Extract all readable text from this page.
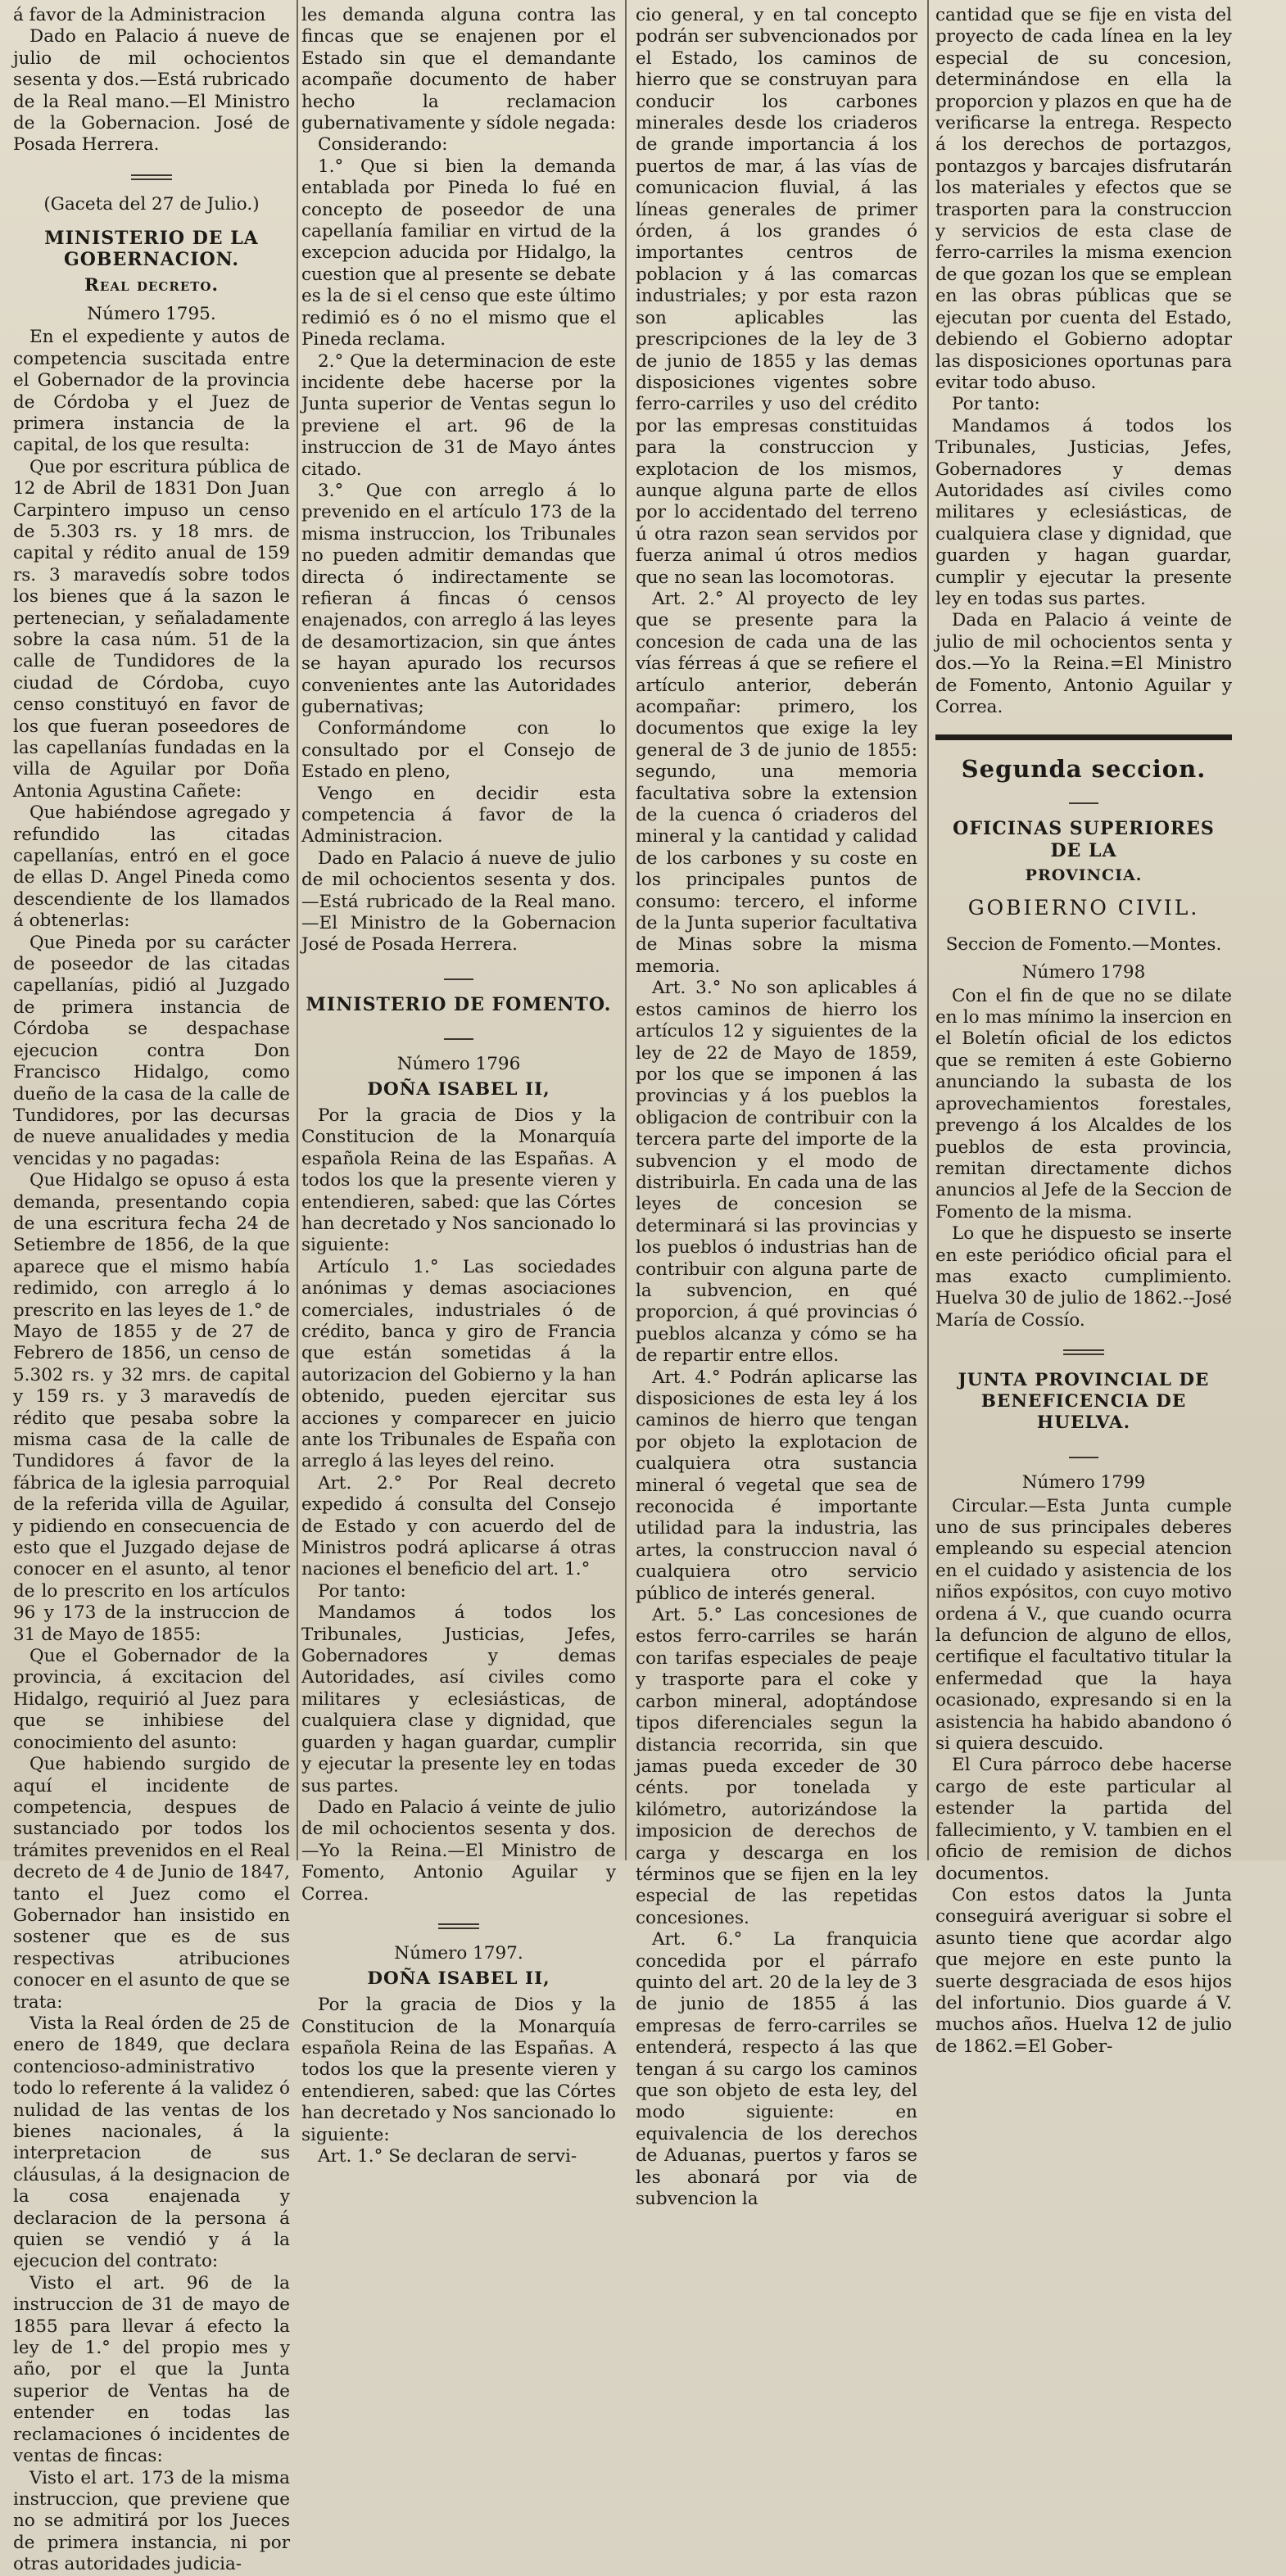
á favor de la Administracion

Dado en Palacio á nueve de julio de mil ochocientos sesenta y dos.—Está rubricado de la Real mano.—El Ministro de la Gobernacion. José de Posada Herrera.

(Gaceta del 27 de Julio.)
MINISTERIO DE LA GOBERNACION.
Real decreto.
Número 1795.

En el expediente y autos de competencia suscitada entre el Gobernador de la provincia de Córdoba y el Juez de primera instancia de la capital, de los que resulta:

Que por escritura pública de 12 de Abril de 1831 Don Juan Carpintero impuso un censo de 5.303 rs. y 18 mrs. de capital y rédito anual de 159 rs. 3 maravedís sobre todos los bienes que á la sazon le pertenecian, y señaladamente sobre la casa núm. 51 de la calle de Tundidores de la ciudad de Córdoba, cuyo censo constituyó en favor de los que fueran poseedores de las capellanías fundadas en la villa de Aguilar por Doña Antonia Agustina Cañete:

Que habiéndose agregado y refundido las citadas capellanías, entró en el goce de ellas D. Angel Pineda como descendiente de los llamados á obtenerlas:

Que Pineda por su carácter de poseedor de las citadas capellanías, pidió al Juzgado de primera instancia de Córdoba se despachase ejecucion contra Don Francisco Hidalgo, como dueño de la casa de la calle de Tundidores, por las decursas de nueve anualidades y media vencidas y no pagadas:

Que Hidalgo se opuso á esta demanda, presentando copia de una escritura fecha 24 de Setiembre de 1856, de la que aparece que el mismo había redimido, con arreglo á lo prescrito en las leyes de 1.° de Mayo de 1855 y de 27 de Febrero de 1856, un censo de 5.302 rs. y 32 mrs. de capital y 159 rs. y 3 maravedís de rédito que pesaba sobre la misma casa de la calle de Tundidores á favor de la fábrica de la iglesia parroquial de la referida villa de Aguilar, y pidiendo en consecuencia de esto que el Juzgado dejase de conocer en el asunto, al tenor de lo prescrito en los artículos 96 y 173 de la instruccion de 31 de Mayo de 1855:

Que el Gobernador de la provincia, á excitacion del Hidalgo, requirió al Juez para que se inhibiese del conocimiento del asunto:

Que habiendo surgido de aquí el incidente de competencia, despues de sustanciado por todos los trámites prevenidos en el Real decreto de 4 de Junio de 1847, tanto el Juez como el Gobernador han insistido en sostener que es de sus respectivas atribuciones conocer en el asunto de que se trata:

Vista la Real órden de 25 de enero de 1849, que declara contencioso-administrativo todo lo referente á la validez ó nulidad de las ventas de los bienes nacionales, á la interpretacion de sus cláusulas, á la designacion de la cosa enajenada y declaracion de la persona á quien se vendió y á la ejecucion del contrato:

Visto el art. 96 de la instruccion de 31 de mayo de 1855 para llevar á efecto la ley de 1.° del propio mes y año, por el que la Junta superior de Ventas ha de entender en todas las reclamaciones ó incidentes de ventas de fincas:

Visto el art. 173 de la misma instruccion, que previene que no se admitirá por los Jueces de primera instancia, ni por otras autoridades judicia-

les demanda alguna contra las fincas que se enajenen por el Estado sin que el demandante acompañe documento de haber hecho la reclamacion gubernativamente y sídole negada:

Considerando:

1.° Que si bien la demanda entablada por Pineda lo fué en concepto de poseedor de una capellanía familiar en virtud de la excepcion aducida por Hidalgo, la cuestion que al presente se debate es la de si el censo que este último redimió es ó no el mismo que el Pineda reclama.

2.° Que la determinacion de este incidente debe hacerse por la Junta superior de Ventas segun lo previene el art. 96 de la instruccion de 31 de Mayo ántes citado.

3.° Que con arreglo á lo prevenido en el artículo 173 de la misma instruccion, los Tribunales no pueden admitir demandas que directa ó indirectamente se refieran á fincas ó censos enajenados, con arreglo á las leyes de desamortizacion, sin que ántes se hayan apurado los recursos convenientes ante las Autoridades gubernativas;

Conformándome con lo consultado por el Consejo de Estado en pleno,

Vengo en decidir esta competencia á favor de la Administracion.

Dado en Palacio á nueve de julio de mil ochocientos sesenta y dos.—Está rubricado de la Real mano.—El Ministro de la Gobernacion José de Posada Herrera.

MINISTERIO DE FOMENTO.
Número 1796
DOÑA ISABEL II,

Por la gracia de Dios y la Constitucion de la Monarquía española Reina de las Españas. A todos los que la presente vieren y entendieren, sabed: que las Córtes han decretado y Nos sancionado lo siguiente:

Artículo 1.° Las sociedades anónimas y demas asociaciones comerciales, industriales ó de crédito, banca y giro de Francia que están sometidas á la autorizacion del Gobierno y la han obtenido, pueden ejercitar sus acciones y comparecer en juicio ante los Tribunales de España con arreglo á las leyes del reino.

Art. 2.° Por Real decreto expedido á consulta del Consejo de Estado y con acuerdo del de Ministros podrá aplicarse á otras naciones el beneficio del art. 1.°

Por tanto:

Mandamos á todos los Tribunales, Justicias, Jefes, Gobernadores y demas Autoridades, así civiles como militares y eclesiásticas, de cualquiera clase y dignidad, que guarden y hagan guardar, cumplir y ejecutar la presente ley en todas sus partes.

Dado en Palacio á veinte de julio de mil ochocientos sesenta y dos.—Yo la Reina.—El Ministro de Fomento, Antonio Aguilar y Correa.

Número 1797.
DOÑA ISABEL II,

Por la gracia de Dios y la Constitucion de la Monarquía española Reina de las Españas. A todos los que la presente vieren y entendieren, sabed: que las Córtes han decretado y Nos sancionado lo siguiente:

Art. 1.° Se declaran de servi-

cio general, y en tal concepto podrán ser subvencionados por el Estado, los caminos de hierro que se construyan para conducir los carbones minerales desde los criaderos de grande importancia á los puertos de mar, á las vías de comunicacion fluvial, á las líneas generales de primer órden, á los grandes ó importantes centros de poblacion y á las comarcas industriales; y por esta razon son aplicables las prescripciones de la ley de 3 de junio de 1855 y las demas disposiciones vigentes sobre ferro-carriles y uso del crédito por las empresas constituidas para la construccion y explotacion de los mismos, aunque alguna parte de ellos por lo accidentado del terreno ú otra razon sean servidos por fuerza animal ú otros medios que no sean las locomotoras.

Art. 2.° Al proyecto de ley que se presente para la concesion de cada una de las vías férreas á que se refiere el artículo anterior, deberán acompañar: primero, los documentos que exige la ley general de 3 de junio de 1855: segundo, una memoria facultativa sobre la extension de la cuenca ó criaderos del mineral y la cantidad y calidad de los carbones y su coste en los principales puntos de consumo: tercero, el informe de la Junta superior facultativa de Minas sobre la misma memoria.

Art. 3.° No son aplicables á estos caminos de hierro los artículos 12 y siguientes de la ley de 22 de Mayo de 1859, por los que se imponen á las provincias y á los pueblos la obligacion de contribuir con la tercera parte del importe de la subvencion y el modo de distribuirla. En cada una de las leyes de concesion se determinará si las provincias y los pueblos ó industrias han de contribuir con alguna parte de la subvencion, en qué proporcion, á qué provincias ó pueblos alcanza y cómo se ha de repartir entre ellos.

Art. 4.° Podrán aplicarse las disposiciones de esta ley á los caminos de hierro que tengan por objeto la explotacion de cualquiera otra sustancia mineral ó vegetal que sea de reconocida é importante utilidad para la industria, las artes, la construccion naval ó cualquiera otro servicio público de interés general.

Art. 5.° Las concesiones de estos ferro-carriles se harán con tarifas especiales de peaje y trasporte para el coke y carbon mineral, adoptándose tipos diferenciales segun la distancia recorrida, sin que jamas pueda exceder de 30 cénts. por tonelada y kilómetro, autorizándose la imposicion de derechos de carga y descarga en los términos que se fijen en la ley especial de las repetidas concesiones.

Art. 6.° La franquicia concedida por el párrafo quinto del art. 20 de la ley de 3 de junio de 1855 á las empresas de ferro-carriles se entenderá, respecto á las que tengan á su cargo los caminos que son objeto de esta ley, del modo siguiente: en equivalencia de los derechos de Aduanas, puertos y faros se les abonará por via de subvencion la

cantidad que se fije en vista del proyecto de cada línea en la ley especial de su concesion, determinándose en ella la proporcion y plazos en que ha de verificarse la entrega. Respecto á los derechos de portazgos, pontazgos y barcajes disfrutarán los materiales y efectos que se trasporten para la construccion y servicios de esta clase de ferro-carriles la misma exencion de que gozan los que se emplean en las obras públicas que se ejecutan por cuenta del Estado, debiendo el Gobierno adoptar las disposiciones oportunas para evitar todo abuso.

Por tanto:

Mandamos á todos los Tribunales, Justicias, Jefes, Gobernadores y demas Autoridades así civiles como militares y eclesiásticas, de cualquiera clase y dignidad, que guarden y hagan guardar, cumplir y ejecutar la presente ley en todas sus partes.

Dada en Palacio á veinte de julio de mil ochocientos senta y dos.—Yo la Reina.=El Ministro de Fomento, Antonio Aguilar y Correa.

Segunda seccion.
OFICINAS SUPERIORES DE LA
PROVINCIA.
GOBIERNO CIVIL.
Seccion de Fomento.—Montes.
Número 1798

Con el fin de que no se dilate en lo mas mínimo la insercion en el Boletín oficial de los edictos que se remiten á este Gobierno anunciando la subasta de los aprovechamientos forestales, prevengo á los Alcaldes de los pueblos de esta provincia, remitan directamente dichos anuncios al Jefe de la Seccion de Fomento de la misma.

Lo que he dispuesto se inserte en este periódico oficial para el mas exacto cumplimiento. Huelva 30 de julio de 1862.--José María de Cossío.

JUNTA PROVINCIAL DE BENEFICENCIA DE HUELVA.
Número 1799

Circular.—Esta Junta cumple uno de sus principales deberes empleando su especial atencion en el cuidado y asistencia de los niños expósitos, con cuyo motivo ordena á V., que cuando ocurra la defuncion de alguno de ellos, certifique el facultativo titular la enfermedad que la haya ocasionado, expresando si en la asistencia ha habido abandono ó si quiera descuido.

El Cura párroco debe hacerse cargo de este particular al estender la partida del fallecimiento, y V. tambien en el oficio de remision de dichos documentos.

Con estos datos la Junta conseguirá averiguar si sobre el asunto tiene que acordar algo que mejore en este punto la suerte desgraciada de esos hijos del infortunio. Dios guarde á V. muchos años. Huelva 12 de julio de 1862.=El Gober-
